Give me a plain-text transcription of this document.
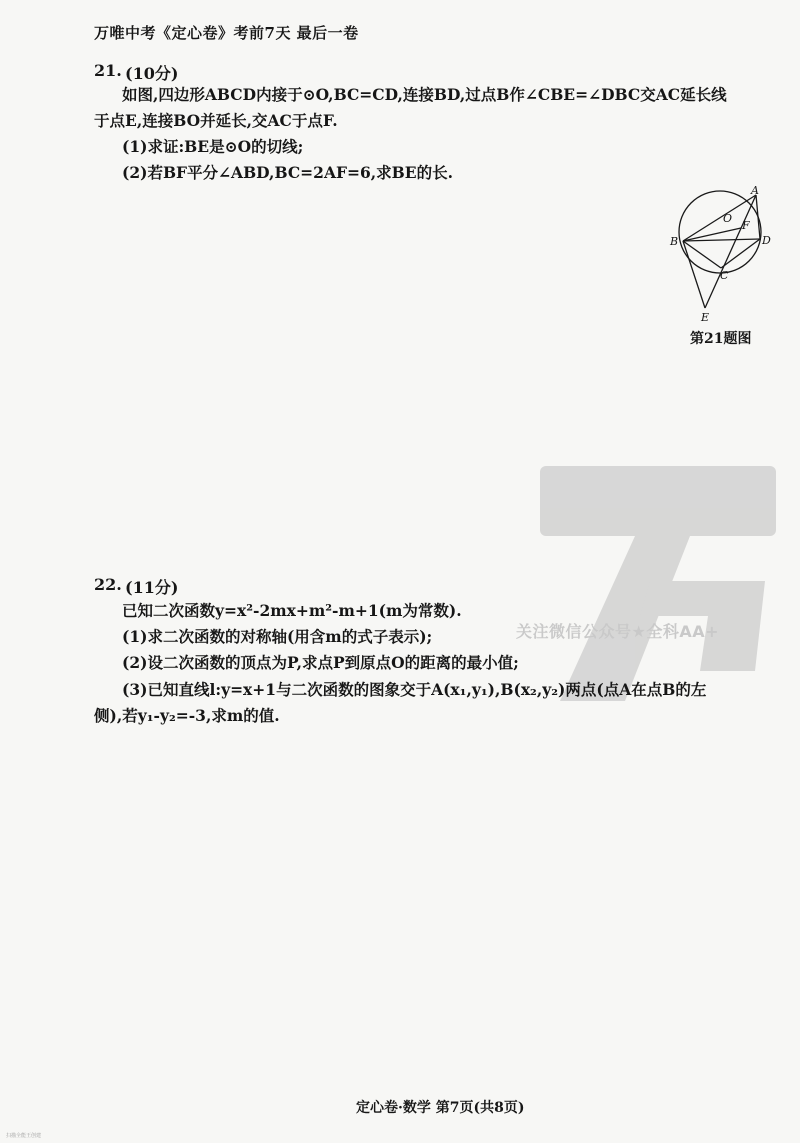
万唯中考《定心卷》考前7天 最后一卷
21. (10分)
如图,四边形ABCD内接于⊙O,BC=CD,连接BD,过点B作∠CBE=∠DBC交AC延长线
于点E,连接BO并延长,交AC于点F.
(1)求证:BE是⊙O的切线;
(2)若BF平分∠ABD,BC=2AF=6,求BE的长.
A
B
C
D
E
F
O
第21题图
22. (11分)
已知二次函数y=x²-2mx+m²-m+1(m为常数).
(1)求二次函数的对称轴(用含m的式子表示);
(2)设二次函数的顶点为P,求点P到原点O的距离的最小值;
(3)已知直线l:y=x+1与二次函数的图象交于A(x₁,y₁),B(x₂,y₂)两点(点A在点B的左
侧),若y₁-y₂=-3,求m的值.
关注微信公众号★全科AA+
定心卷·数学 第7页(共8页)
扫描全能王创建
